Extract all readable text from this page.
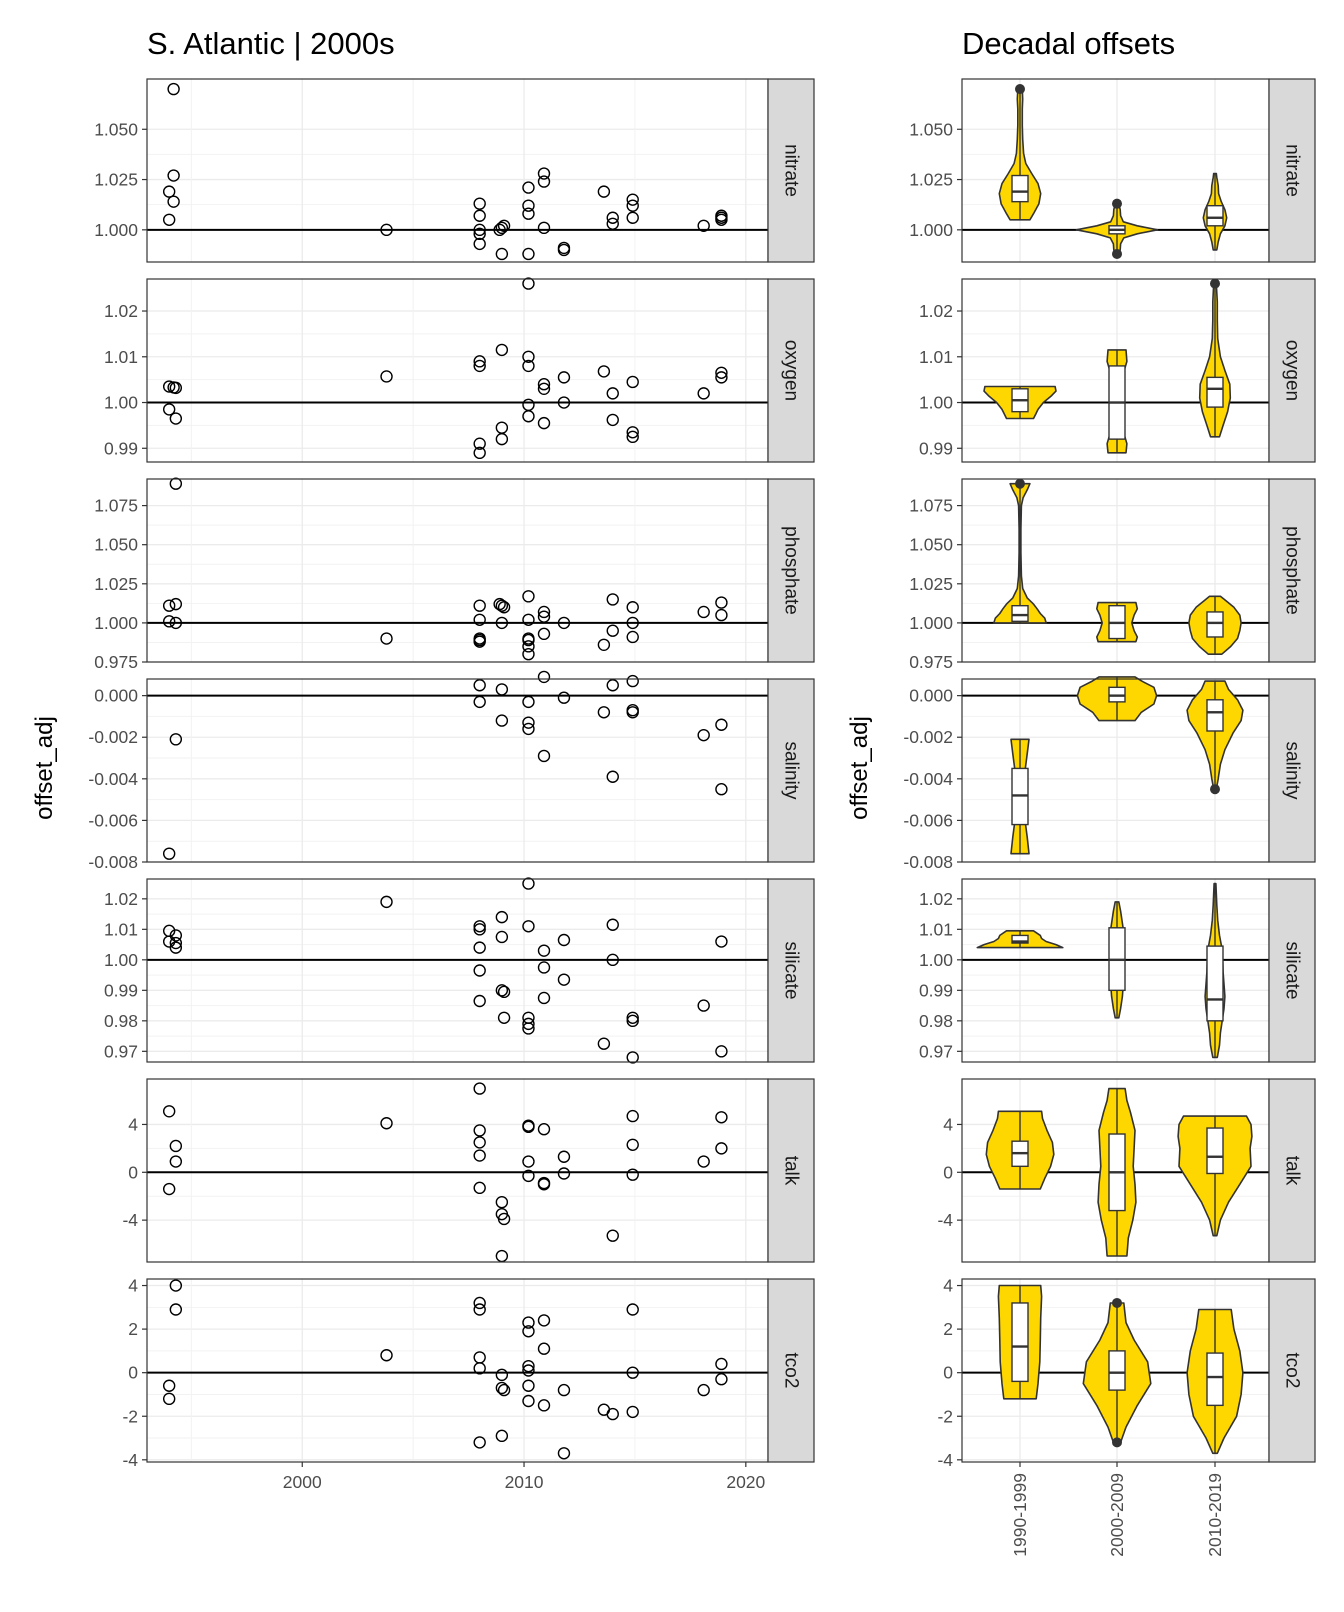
S. Atlantic | 2000s	Decadal offsets
offset_adj	offset_adj
1.000
1.025
1.050
nitrate
0.99
1.00
1.01
1.02
oxygen
0.975
1.000
1.025
1.050
1.075
phosphate
-0.008
-0.006
-0.004
-0.002
0.000
salinity
0.97
0.98
0.99
1.00
1.01
1.02
silicate
-4
0
4
talk
-4
-2
0
2
4
tco2
1.000
1.025
1.050
nitrate
0.99
1.00
1.01
1.02
oxygen
0.975
1.000
1.025
1.050
1.075
phosphate
-0.008
-0.006
-0.004
-0.002
0.000
salinity
0.97
0.98
0.99
1.00
1.01
1.02
silicate
-4
0
4
talk
-4
-2
0
2
4
tco2
2000	2010	2020	1990-1999	2000-2009	2010-2019
